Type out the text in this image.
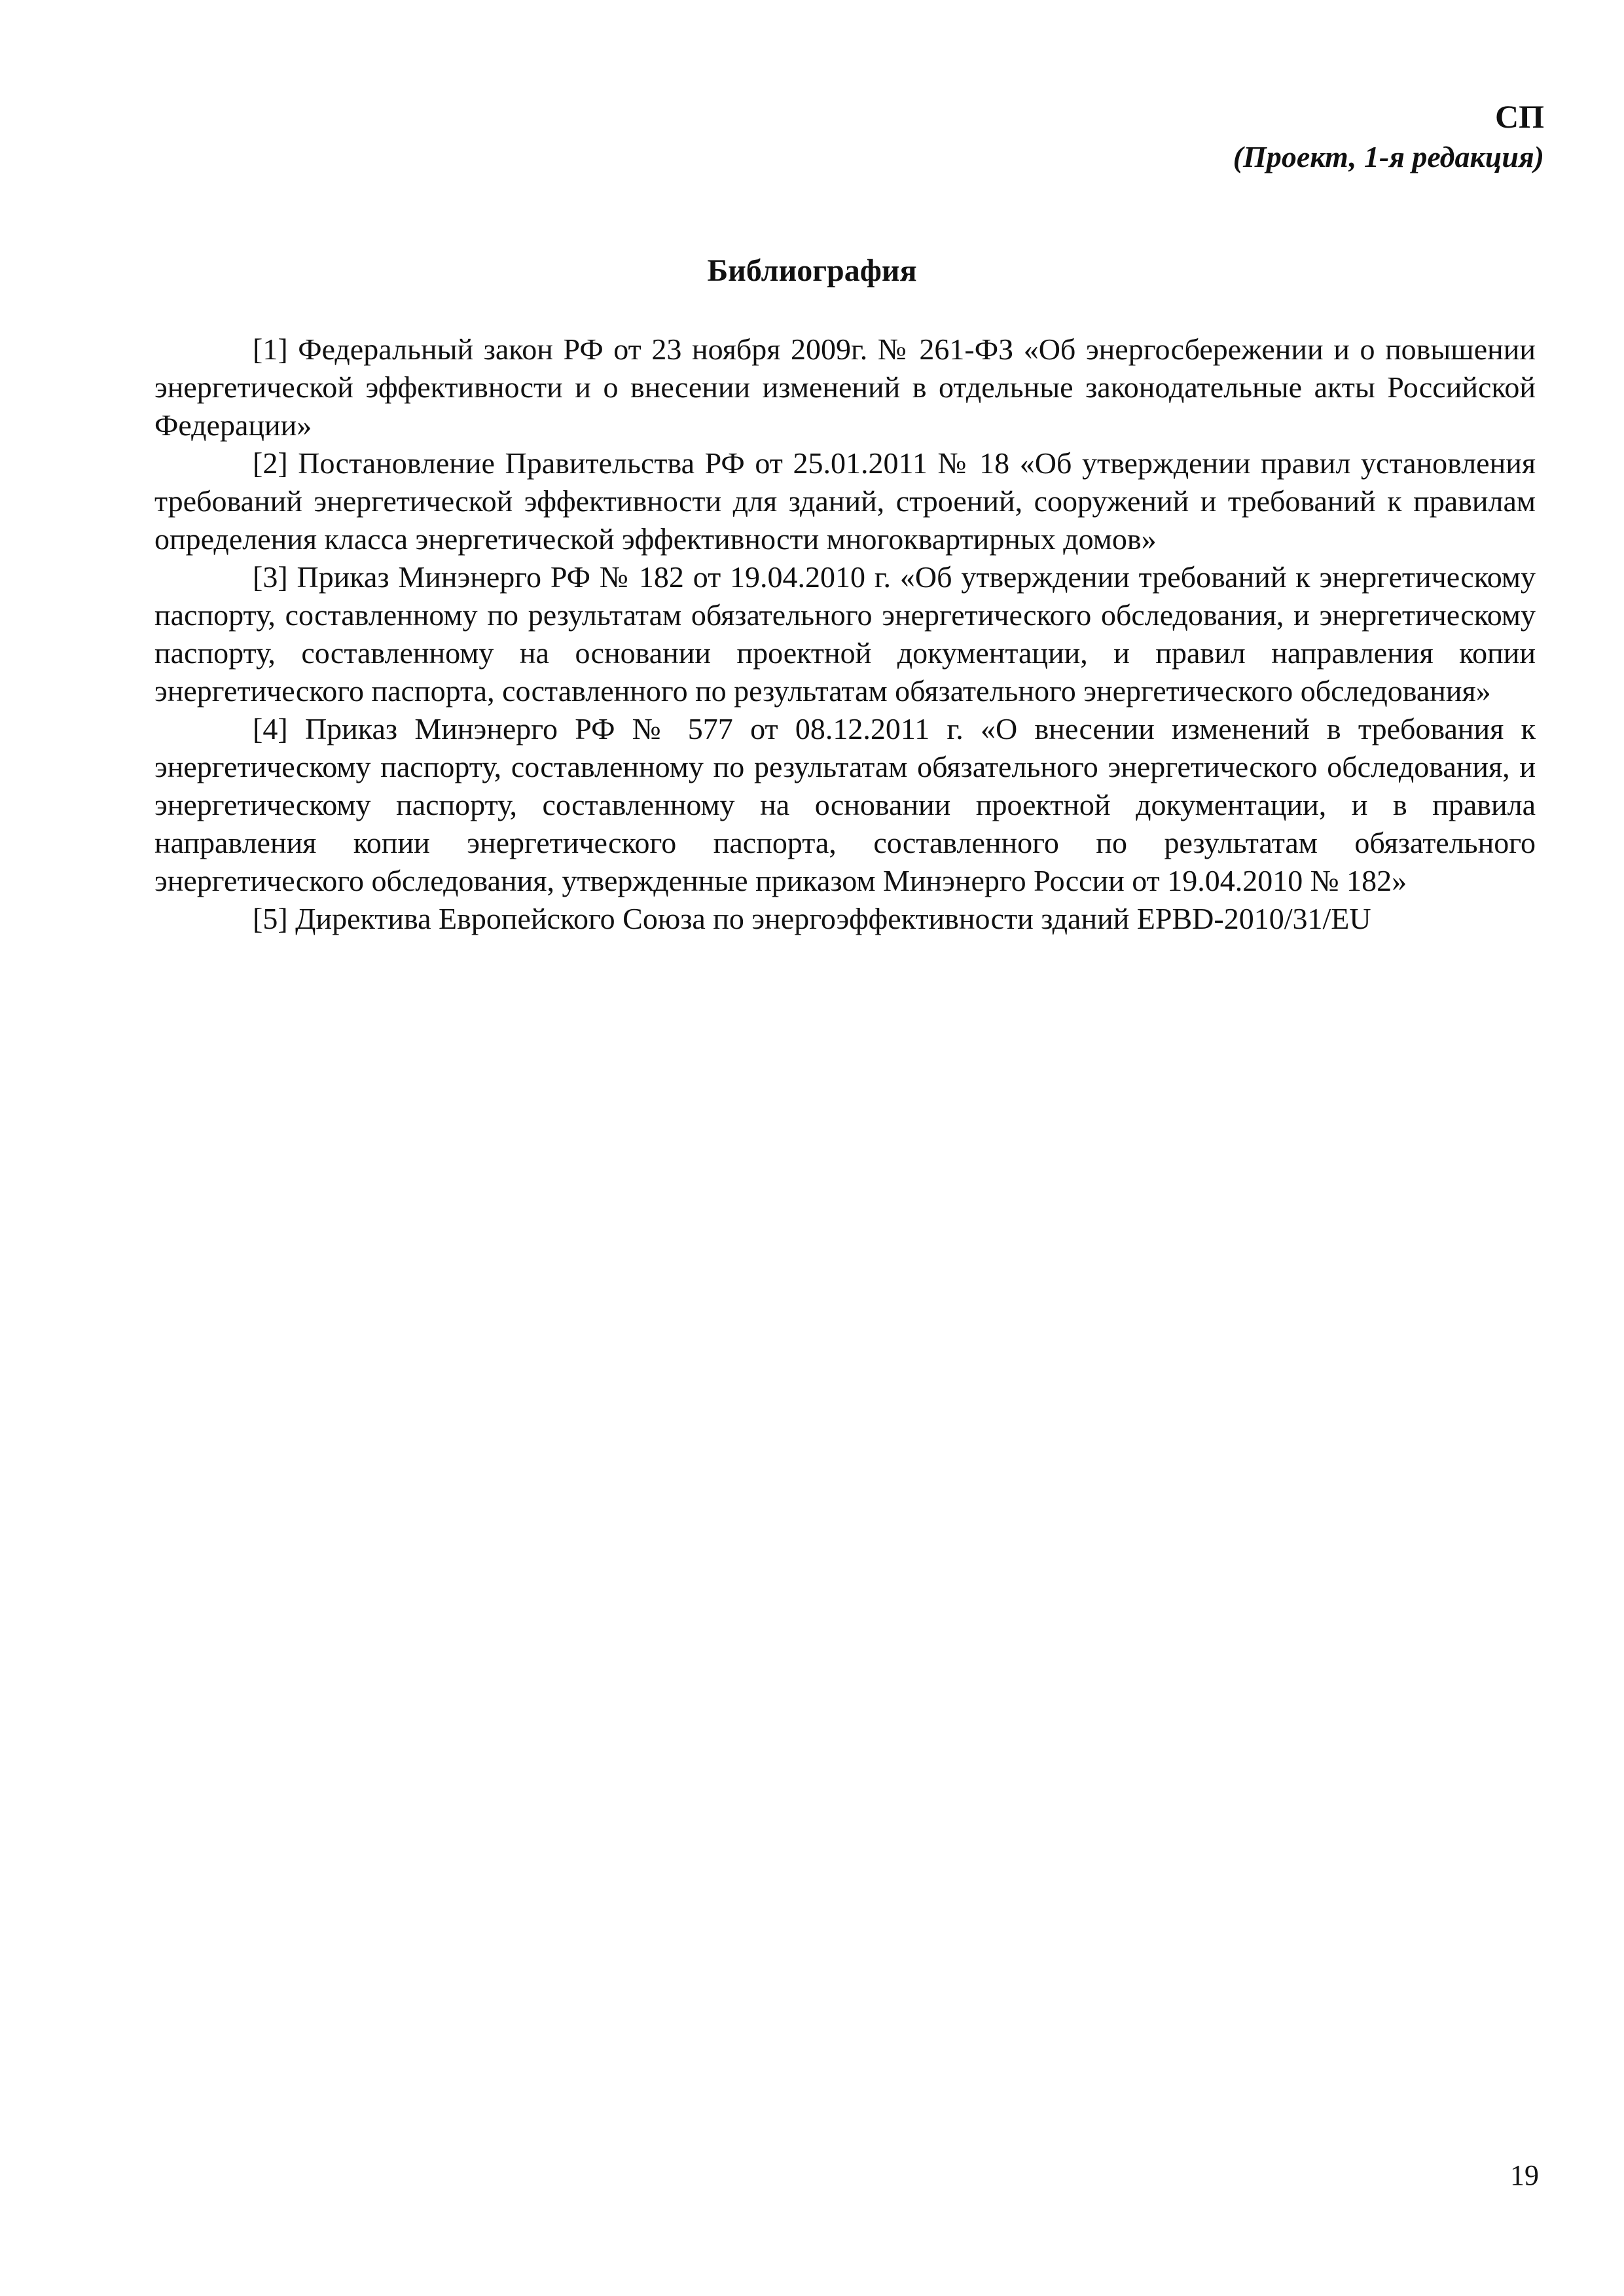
СП
(Проект, 1-я редакция)
Библиография

[1] Федеральный закон РФ от 23 ноября 2009г. № 261-ФЗ «Об энергосбережении и о повышении энергетической эффективности и о внесении изменений в отдельные законодательные акты Российской Федерации»

[2] Постановление Правительства РФ от 25.01.2011 № 18 «Об утверждении правил установления требований энергетической эффективности для зданий, строений, сооружений и требований к правилам определения класса энергетической эффективности многоквартирных домов»

[3] Приказ Минэнерго РФ № 182 от 19.04.2010 г. «Об утверждении требований к энергетическому паспорту, составленному по результатам обязательного энергетического обследования, и энергетическому паспорту, составленному на основании проектной документации, и правил направления копии энергетического паспорта, составленного по результатам обязательного энергетического обследования»

[4] Приказ Минэнерго РФ № 577 от 08.12.2011 г. «О внесении изменений в требования к энергетическому паспорту, составленному по результатам обязательного энергетического обследования, и энергетическому паспорту, составленному на основании проектной документации, и в правила направления копии энергетического паспорта, составленного по результатам обязательного энергетического обследования, утвержденные приказом Минэнерго России от 19.04.2010 № 182»

[5] Директива Европейского Союза по энергоэффективности зданий EPBD-2010/31/EU

19
